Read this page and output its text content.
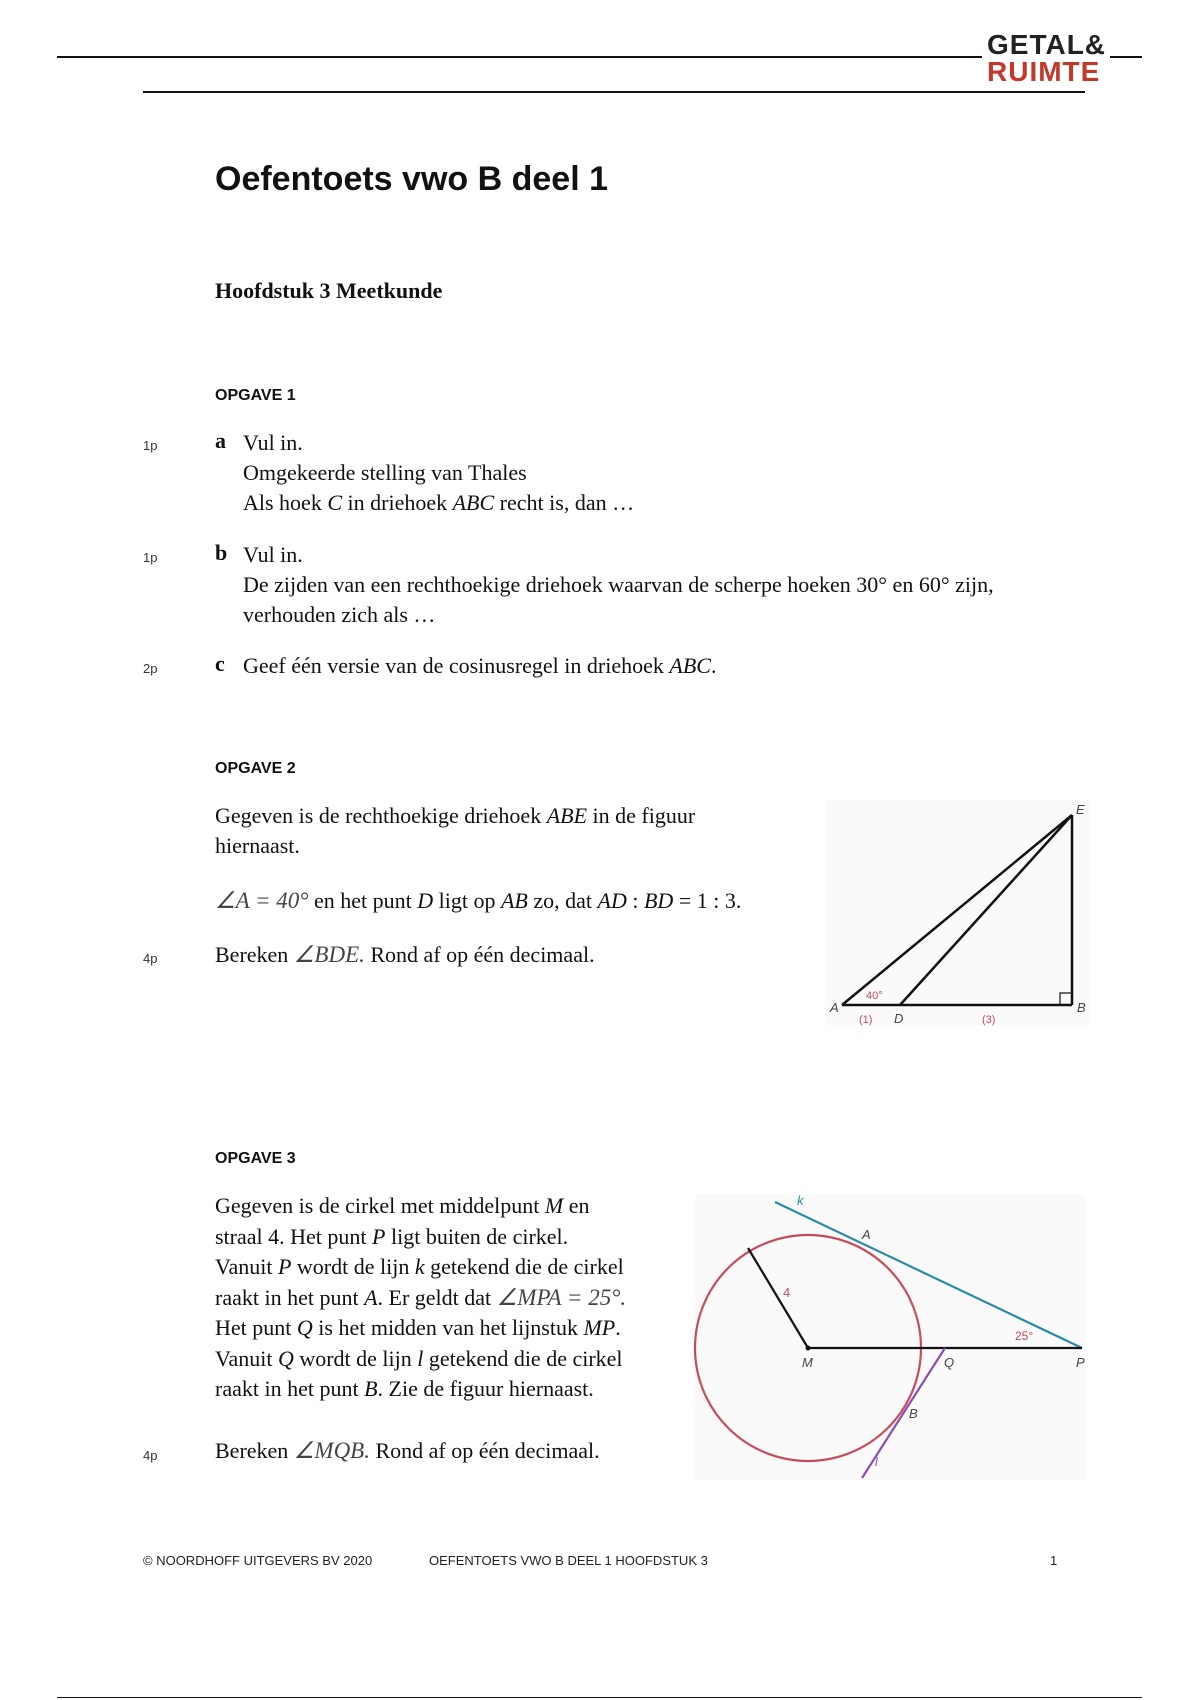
GETAL&
RUIMTE
Oefentoets vwo B deel 1
Hoofdstuk 3 Meetkunde
OPGAVE 1
1p	a Vul in.
Omgekeerde stelling van Thales
Als hoek C in driehoek ABC recht is, dan …
1p	b Vul in.
De zijden van een rechthoekige driehoek waarvan de scherpe hoeken 30° en 60° zijn,
verhouden zich als …
2p	c Geef één versie van de cosinusregel in driehoek ABC.
OPGAVE 2
Gegeven is de rechthoekige driehoek ABE in de figuur
hiernaast.
∠A = 40° en het punt D ligt op AB zo, dat AD : BD = 1 : 3.
4p	Bereken ∠BDE. Rond af op één decimaal.
A	B
D
E
40°
(1)	(3)
OPGAVE 3
Gegeven is de cirkel met middelpunt M en
straal 4. Het punt P ligt buiten de cirkel.
Vanuit P wordt de lijn k getekend die de cirkel
raakt in het punt A. Er geldt dat ∠MPA = 25°.
Het punt Q is het midden van het lijnstuk MP.
Vanuit Q wordt de lijn l getekend die de cirkel
raakt in het punt B. Zie de figuur hiernaast.
4p	Bereken ∠MQB. Rond af op één decimaal.
k
A
4
M	Q	P
B
l
25°
© NOORDHOFF UITGEVERS BV 2020	OEFENTOETS VWO B DEEL 1 HOOFDSTUK 3	1
